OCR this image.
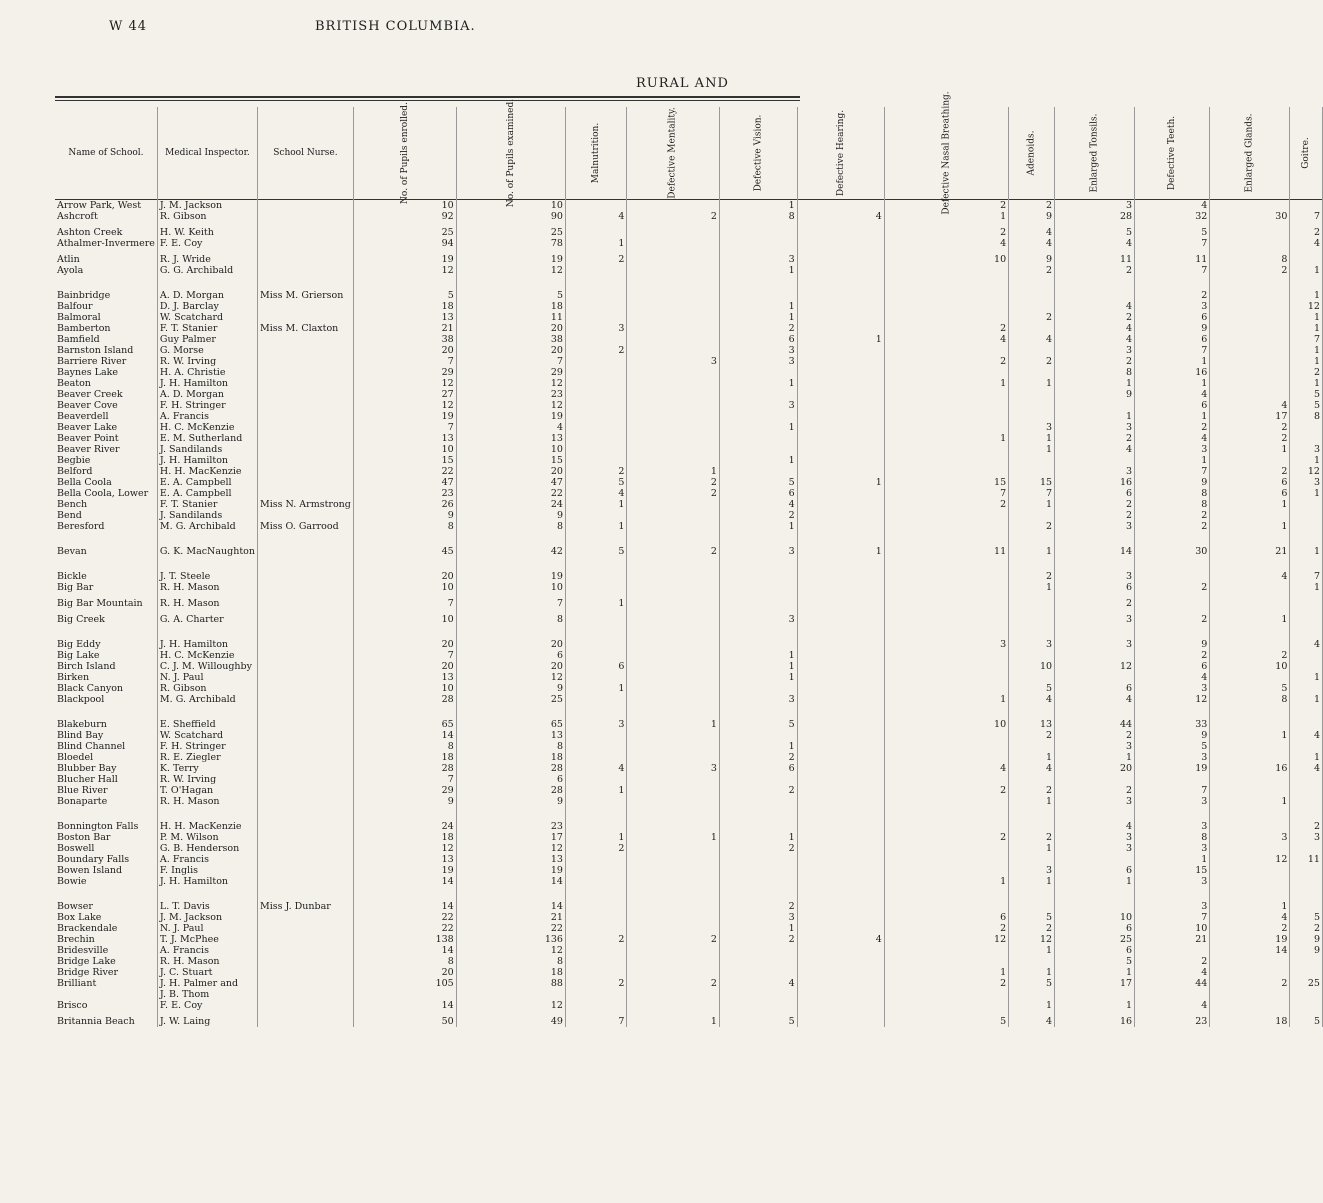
W 44	BRITISH COLUMBIA.
RURAL AND
Name of School.	Medical Inspector.	School Nurse.	No. of Pupils enrolled.	No. of Pupils examined.	Malnutrition.	Defective Mentality.	Defective Vision.	Defective Hearing.	Defective Nasal Breathing.	Adenoids.	Enlarged Tonsils.	Defective Teeth.	Enlarged Glands.	Goitre.
Arrow Park, West	J. M. Jackson		10	10			1		2	2	3	4		
Ashcroft	R. Gibson		92	90	4	2	8	4	1	9	28	32	30	7

Ashton Creek	H. W. Keith		25	25					2	4	5	5		2
Athalmer-Invermere	F. E. Coy		94	78	1				4	4	4	7		4

Atlin	R. J. Wride		19	19	2		3		10	9	11	11	8	
Ayola	G. G. Archibald		12	12			1			2	2	7	2	1

Bainbridge	A. D. Morgan	Miss M. Grierson	5	5								2		1
Balfour	D. J. Barclay		18	18			1				4	3		12
Balmoral	W. Scatchard		13	11			1			2	2	6		1
Bamberton	F. T. Stanier	Miss M. Claxton	21	20	3		2		2		4	9		1
Bamfield	Guy Palmer		38	38			6	1	4	4	4	6		7
Barnston Island	G. Morse		20	20	2		3				3	7		1
Barriere River	R. W. Irving		7	7		3	3		2	2	2	1		1
Baynes Lake	H. A. Christie		29	29							8	16		2
Beaton	J. H. Hamilton		12	12			1		1	1	1	1		1
Beaver Creek	A. D. Morgan		27	23							9	4		5
Beaver Cove	F. H. Stringer		12	12			3					6	4	5
Beaverdell	A. Francis		19	19							1	1	17	8
Beaver Lake	H. C. McKenzie		7	4			1			3	3	2	2	
Beaver Point	E. M. Sutherland		13	13					1	1	2	4	2	
Beaver River	J. Sandilands		10	10						1	4	3	1	3
Begbie	J. H. Hamilton		15	15			1					1		1
Belford	H. H. MacKenzie		22	20	2	1					3	7	2	12
Bella Coola	E. A. Campbell		47	47	5	2	5	1	15	15	16	9	6	3
Bella Coola, Lower	E. A. Campbell		23	22	4	2	6		7	7	6	8	6	1
Bench	F. T. Stanier	Miss N. Armstrong	26	24	1		4		2	1	2	8	1	
Bend	J. Sandilands		9	9			2				2	2		
Beresford	M. G. Archibald	Miss O. Garrood	8	8	1		1			2	3	2	1	

Bevan	G. K. MacNaughton		45	42	5	2	3	1	11	1	14	30	21	1

Bickle	J. T. Steele		20	19						2	3		4	7
Big Bar	R. H. Mason		10	10						1	6	2		1

Big Bar Mountain	R. H. Mason		7	7	1						2			

Big Creek	G. A. Charter		10	8			3				3	2	1	

Big Eddy	J. H. Hamilton		20	20					3	3	3	9		4
Big Lake	H. C. McKenzie		7	6			1					2	2	
Birch Island	C. J. M. Willoughby		20	20	6		1			10	12	6	10	
Birken	N. J. Paul		13	12			1					4		1
Black Canyon	R. Gibson		10	9	1					5	6	3	5	
Blackpool	M. G. Archibald		28	25			3		1	4	4	12	8	1

Blakeburn	E. Sheffield		65	65	3	1	5		10	13	44	33		
Blind Bay	W. Scatchard		14	13						2	2	9	1	4
Blind Channel	F. H. Stringer		8	8			1				3	5		
Bloedel	R. E. Ziegler		18	18			2			1	1	3		1
Blubber Bay	K. Terry		28	28	4	3	6		4	4	20	19	16	4
Blucher Hall	R. W. Irving		7	6										
Blue River	T. O'Hagan		29	28	1		2		2	2	2	7		
Bonaparte	R. H. Mason		9	9						1	3	3	1	

Bonnington Falls	H. H. MacKenzie		24	23							4	3		2
Boston Bar	P. M. Wilson		18	17	1	1	1		2	2	3	8	3	3
Boswell	G. B. Henderson		12	12	2		2			1	3	3		
Boundary Falls	A. Francis		13	13								1	12	11
Bowen Island	F. Inglis		19	19						3	6	15		
Bowie	J. H. Hamilton		14	14					1	1	1	3		

Bowser	L. T. Davis	Miss J. Dunbar	14	14			2					3	1	
Box Lake	J. M. Jackson		22	21			3		6	5	10	7	4	5
Brackendale	N. J. Paul		22	22			1		2	2	6	10	2	2
Brechin	T. J. McPhee		138	136	2	2	2	4	12	12	25	21	19	9
Bridesville	A. Francis		14	12						1	6		14	9
Bridge Lake	R. H. Mason		8	8							5	2		
Bridge River	J. C. Stuart		20	18					1	1	1	4		
Brilliant	J. H. Palmer and		105	88	2	2	4		2	5	17	44	2	25
	J. B. Thom													
Brisco	F. E. Coy		14	12						1	1	4		

Britannia Beach	J. W. Laing		50	49	7	1	5		5	4	16	23	18	5
